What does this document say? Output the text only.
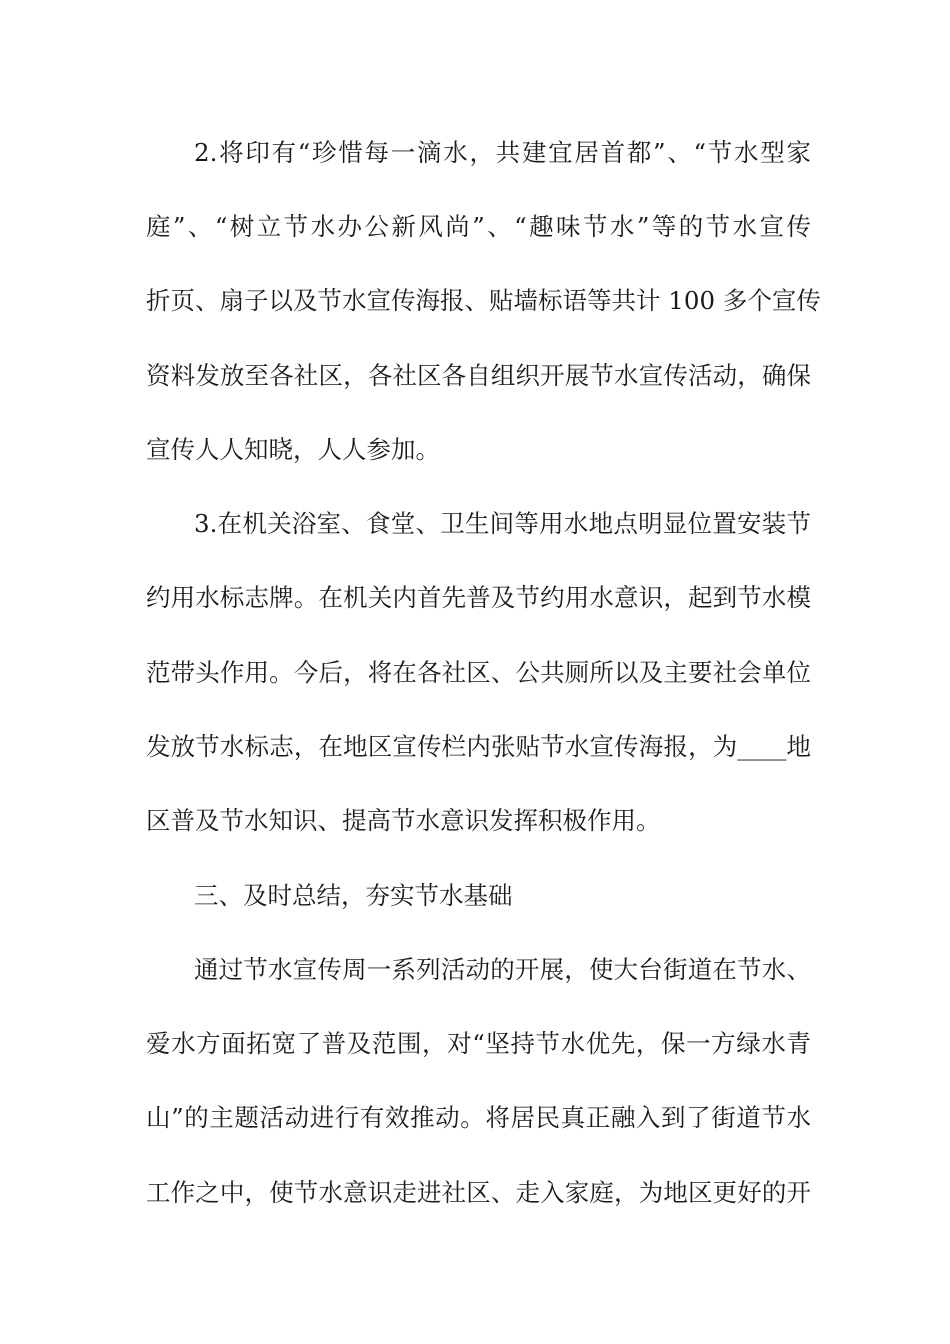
2.将印有“珍惜每一滴水，共建宜居首都”、“节水型家
庭”、“树立节水办公新风尚”、“趣味节水”等的节水宣传
折页、扇子以及节水宣传海报、贴墙标语等共计 100 多个宣传
资料发放至各社区，各社区各自组织开展节水宣传活动，确保
宣传人人知晓，人人参加。
3.在机关浴室、食堂、卫生间等用水地点明显位置安装节
约用水标志牌。在机关内首先普及节约用水意识，起到节水模
范带头作用。今后，将在各社区、公共厕所以及主要社会单位
发放节水标志，在地区宣传栏内张贴节水宣传海报，为____地
区普及节水知识、提高节水意识发挥积极作用。
三、及时总结，夯实节水基础
通过节水宣传周一系列活动的开展，使大台街道在节水、
爱水方面拓宽了普及范围，对“坚持节水优先，保一方绿水青
山”的主题活动进行有效推动。将居民真正融入到了街道节水
工作之中，使节水意识走进社区、走入家庭，为地区更好的开
